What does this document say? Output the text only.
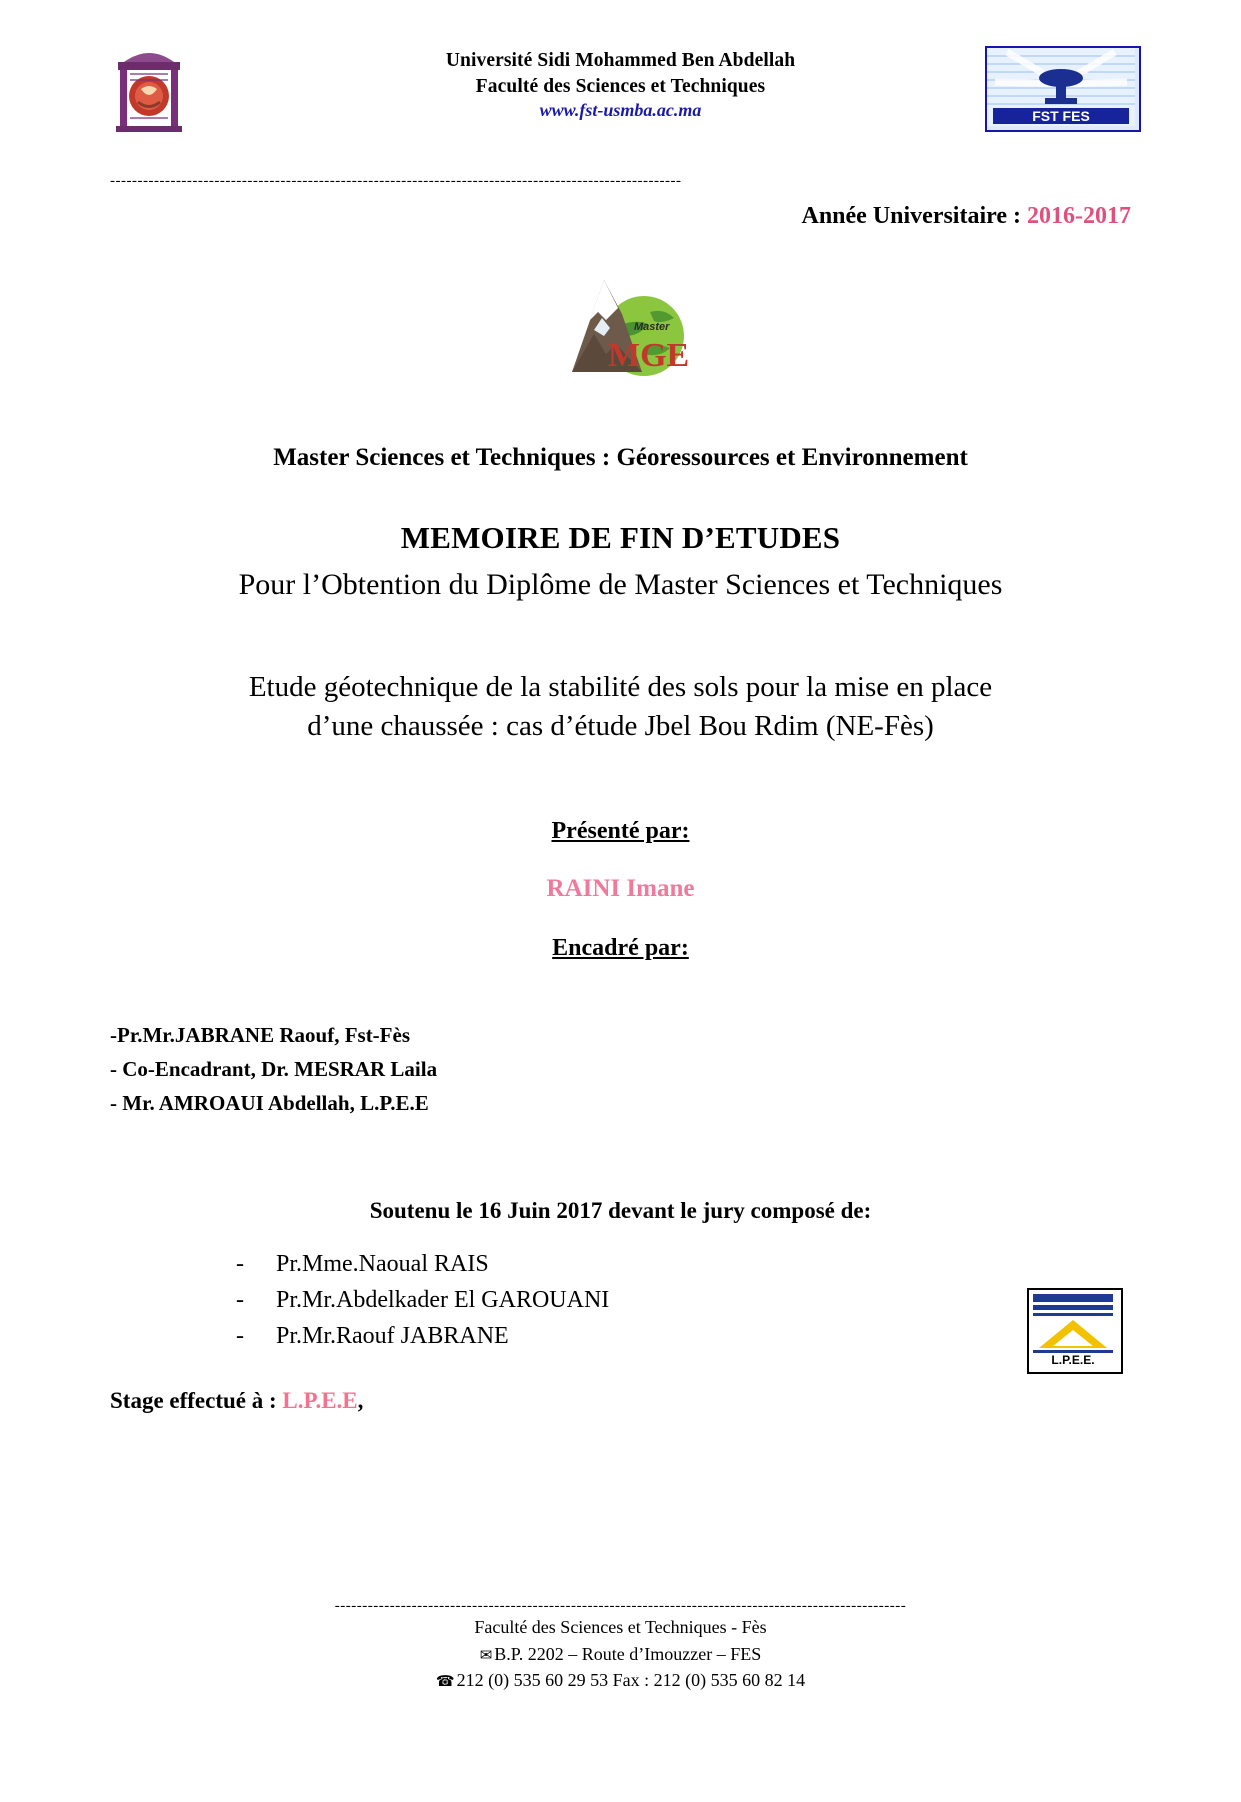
Université Sidi Mohammed Ben Abdellah
Faculté des Sciences et Techniques
www.fst-usmba.ac.ma	FST FES
--------------------------------------------------------------------------------------------------------
Année Universitaire : 2016-2017
Master
MGE
Master Sciences et Techniques : Géoressources et Environnement
MEMOIRE DE FIN D’ETUDES
Pour l’Obtention du Diplôme de Master Sciences et Techniques
Etude géotechnique de la stabilité des sols pour la mise en place
d’une chaussée : cas d’étude Jbel Bou Rdim (NE-Fès)
Présenté par:
RAINI Imane
Encadré par:
-Pr.Mr.JABRANE Raouf, Fst-Fès
- Co-Encadrant, Dr. MESRAR Laila
- Mr. AMROAUI Abdellah, L.P.E.E
Soutenu le 16 Juin 2017 devant le jury composé de:
-	Pr.Mme.Naoual RAIS
-	Pr.Mr.Abdelkader El GAROUANI
-	Pr.Mr.Raouf JABRANE
Stage effectué à : L.P.E.E,
L.P.E.E.
--------------------------------------------------------------------------------------------------------
Faculté des Sciences et Techniques - Fès
✉ B.P. 2202 – Route d’Imouzzer – FES
☎ 212 (0) 535 60 29 53 Fax : 212 (0) 535 60 82 14
